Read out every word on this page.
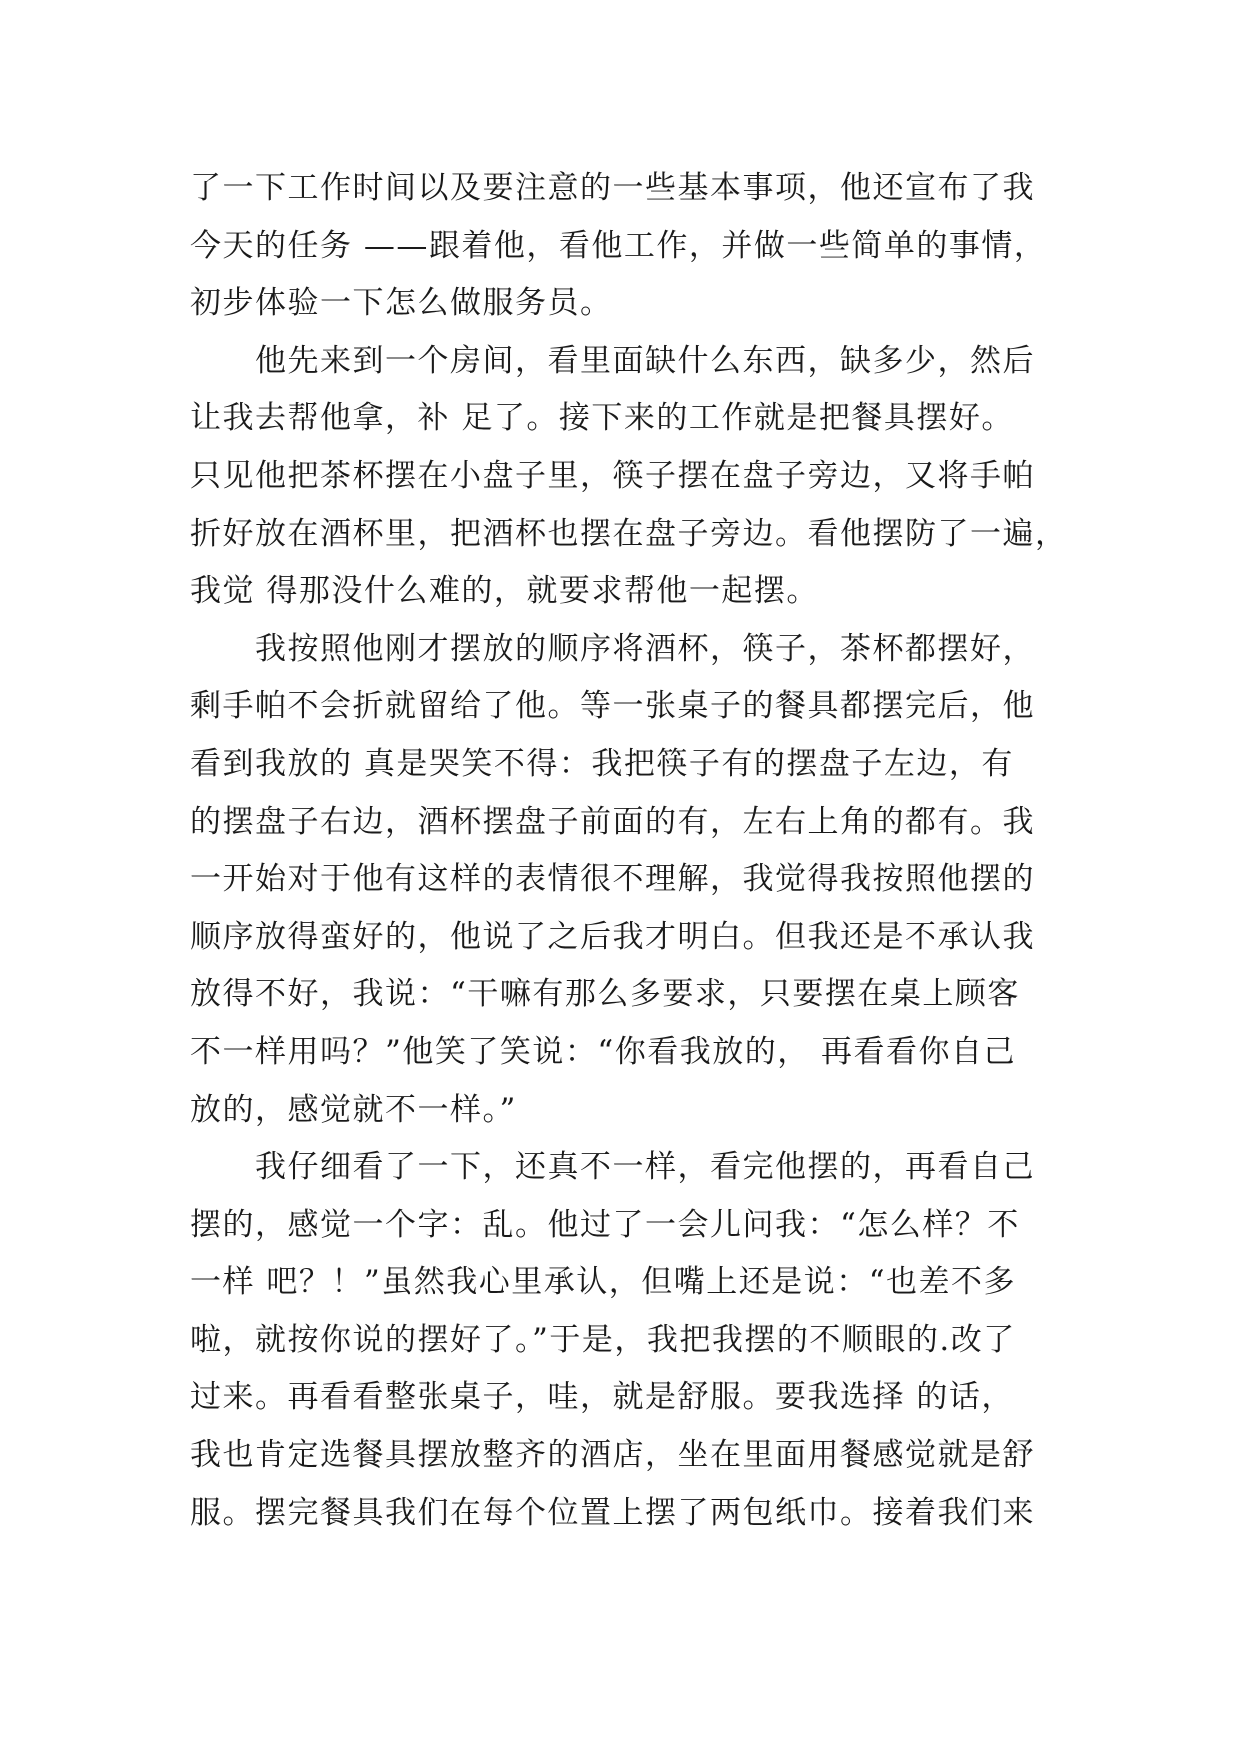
了一下工作时间以及要注意的一些基本事项，他还宣布了我
今天的任务 ——跟着他，看他工作，并做一些简单的事情，
初步体验一下怎么做服务员。
　　他先来到一个房间，看里面缺什么东西，缺多少，然后
让我去帮他拿，补 足了。接下来的工作就是把餐具摆好。
只见他把茶杯摆在小盘子里，筷子摆在盘子旁边，又将手帕
折好放在酒杯里，把酒杯也摆在盘子旁边。看他摆防了一遍，
我觉 得那没什么难的，就要求帮他一起摆。
　　我按照他刚才摆放的顺序将酒杯，筷子，茶杯都摆好，
剩手帕不会折就留给了他。等一张桌子的餐具都摆完后，他
看到我放的 真是哭笑不得：我把筷子有的摆盘子左边，有
的摆盘子右边，酒杯摆盘子前面的有，左右上角的都有。我
一开始对于他有这样的表情很不理解，我觉得我按照他摆的
顺序放得蛮好的，他说了之后我才明白。但我还是不承认我
放得不好，我说：“干嘛有那么多要求，只要摆在桌上顾客
不一样用吗？”他笑了笑说：“你看我放的， 再看看你自己
放的，感觉就不一样。”
　　我仔细看了一下，还真不一样，看完他摆的，再看自己
摆的，感觉一个字：乱。他过了一会儿问我：“怎么样？不
一样 吧？！”虽然我心里承认，但嘴上还是说：“也差不多
啦，就按你说的摆好了。”于是，我把我摆的不顺眼的.改了
过来。再看看整张桌子，哇，就是舒服。要我选择 的话，
我也肯定选餐具摆放整齐的酒店，坐在里面用餐感觉就是舒
服。摆完餐具我们在每个位置上摆了两包纸巾。接着我们来
